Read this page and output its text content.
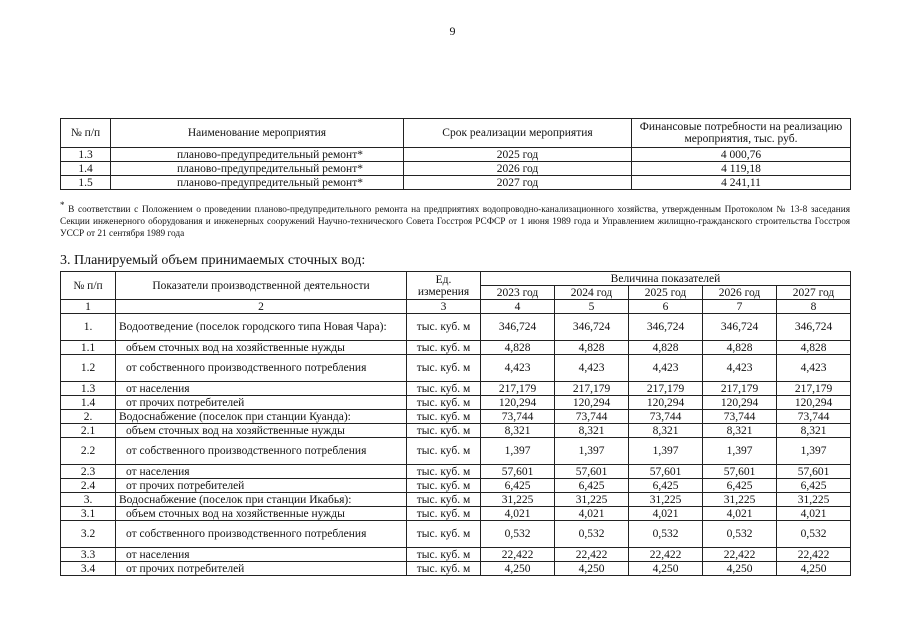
9
№ п/п	Наименование мероприятия	Срок реализации мероприятия	Финансовые потребности на реализацию мероприятия, тыс. руб.
1.3	планово-предупредительный ремонт*	2025 год	4 000,76
1.4	планово-предупредительный ремонт*	2026 год	4 119,18
1.5	планово-предупредительный ремонт*	2027 год	4 241,11
* В соответствии с Положением о проведении планово-предупредительного ремонта на предприятиях водопроводно-канализационного хозяйства, утвержденным Протоколом № 13-8 заседания Секции инженерного оборудования и инженерных сооружений Научно-технического Совета Госстроя РСФСР от 1 июня 1989 года и Управлением жилищно-гражданского строительства Госстроя УССР от 21 сентября 1989 года
3. Планируемый объем принимаемых сточных вод:
№ п/п	Показатели производственной деятельности	Ед. измерения	Величина показателей				
			2023 год	2024 год	2025 год	2026 год	2027 год
1	2	3	4	5	6	7	8
1.	Водоотведение (поселок городского типа Новая Чара):	тыс. куб. м	346,724	346,724	346,724	346,724	346,724
1.1	объем сточных вод на хозяйственные нужды	тыс. куб. м	4,828	4,828	4,828	4,828	4,828
1.2	от собственного производственного потребления	тыс. куб. м	4,423	4,423	4,423	4,423	4,423
1.3	от населения	тыс. куб. м	217,179	217,179	217,179	217,179	217,179
1.4	от прочих потребителей	тыс. куб. м	120,294	120,294	120,294	120,294	120,294
2.	Водоснабжение (поселок при станции Куанда):	тыс. куб. м	73,744	73,744	73,744	73,744	73,744
2.1	объем сточных вод на хозяйственные нужды	тыс. куб. м	8,321	8,321	8,321	8,321	8,321
2.2	от собственного производственного потребления	тыс. куб. м	1,397	1,397	1,397	1,397	1,397
2.3	от населения	тыс. куб. м	57,601	57,601	57,601	57,601	57,601
2.4	от прочих потребителей	тыс. куб. м	6,425	6,425	6,425	6,425	6,425
3.	Водоснабжение (поселок при станции Икабья):	тыс. куб. м	31,225	31,225	31,225	31,225	31,225
3.1	объем сточных вод на хозяйственные нужды	тыс. куб. м	4,021	4,021	4,021	4,021	4,021
3.2	от собственного производственного потребления	тыс. куб. м	0,532	0,532	0,532	0,532	0,532
3.3	от населения	тыс. куб. м	22,422	22,422	22,422	22,422	22,422
3.4	от прочих потребителей	тыс. куб. м	4,250	4,250	4,250	4,250	4,250
